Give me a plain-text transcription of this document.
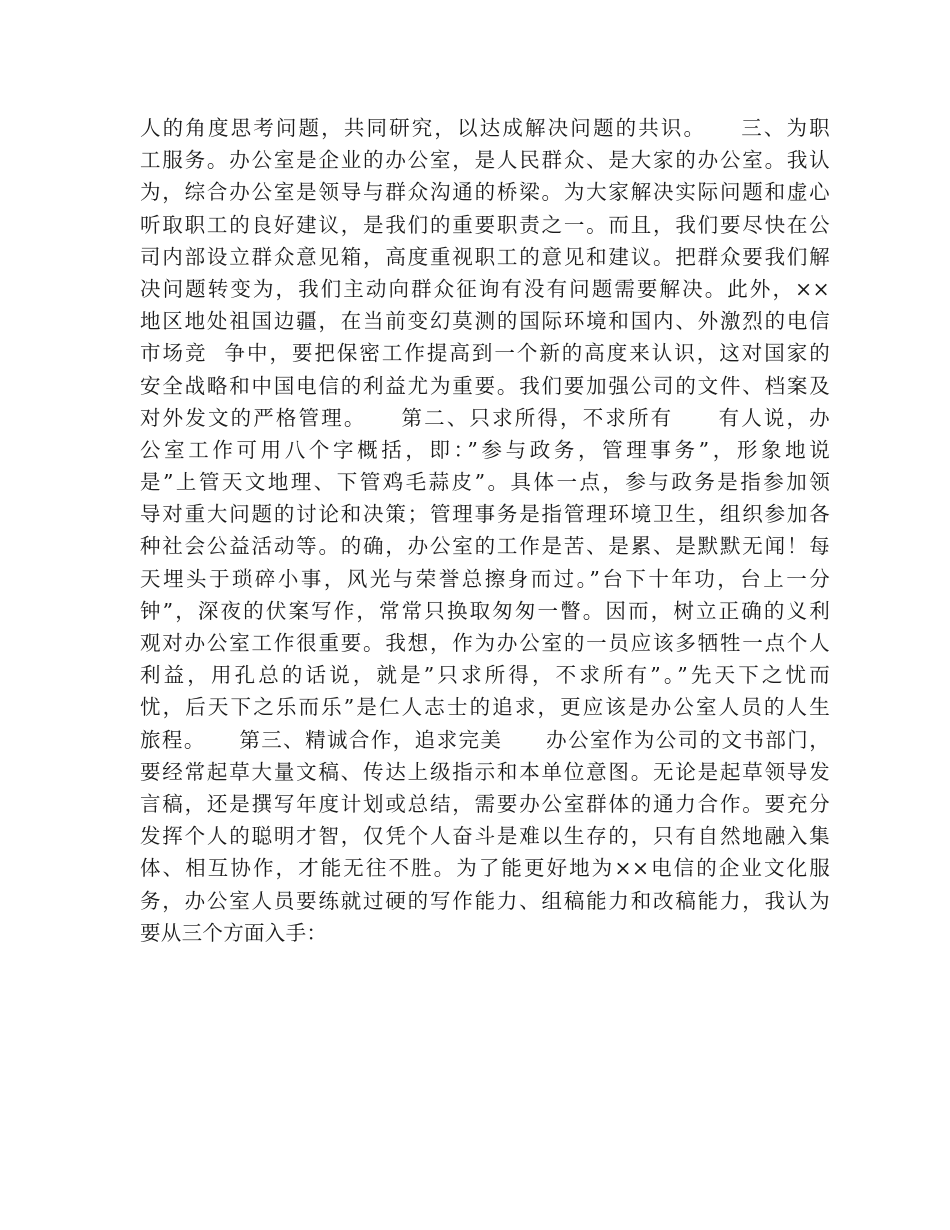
人的角度思考问题，共同研究，以达成解决问题的共识。　　三、为职
工服务。办公室是企业的办公室，是人民群众、是大家的办公室。我认
为，综合办公室是领导与群众沟通的桥梁。为大家解决实际问题和虚心
听取职工的良好建议，是我们的重要职责之一。而且，我们要尽快在公
司内部设立群众意见箱，高度重视职工的意见和建议。把群众要我们解
决问题转变为，我们主动向群众征询有没有问题需要解决。此外，××
地区地处祖国边疆，在当前变幻莫测的国际环境和国内、外激烈的电信
市场竞  争中，要把保密工作提高到一个新的高度来认识，这对国家的
安全战略和中国电信的利益尤为重要。我们要加强公司的文件、档案及
对外发文的严格管理。　　第二、只求所得，不求所有　　有人说，办
公室工作可用八个字概括，即：”参与政务，管理事务”，形象地说
是”上管天文地理、下管鸡毛蒜皮”。具体一点，参与政务是指参加领
导对重大问题的讨论和决策；管理事务是指管理环境卫生，组织参加各
种社会公益活动等。的确，办公室的工作是苦、是累、是默默无闻！每
天埋头于琐碎小事，风光与荣誉总擦身而过。”台下十年功，台上一分
钟”，深夜的伏案写作，常常只换取匆匆一瞥。因而，树立正确的义利
观对办公室工作很重要。我想，作为办公室的一员应该多牺牲一点个人
利益，用孔总的话说，就是”只求所得，不求所有”。”先天下之忧而
忧，后天下之乐而乐”是仁人志士的追求，更应该是办公室人员的人生
旅程。　　第三、精诚合作，追求完美　　办公室作为公司的文书部门，
要经常起草大量文稿、传达上级指示和本单位意图。无论是起草领导发
言稿，还是撰写年度计划或总结，需要办公室群体的通力合作。要充分
发挥个人的聪明才智，仅凭个人奋斗是难以生存的，只有自然地融入集
体、相互协作，才能无往不胜。为了能更好地为××电信的企业文化服
务，办公室人员要练就过硬的写作能力、组稿能力和改稿能力，我认为
要从三个方面入手：
